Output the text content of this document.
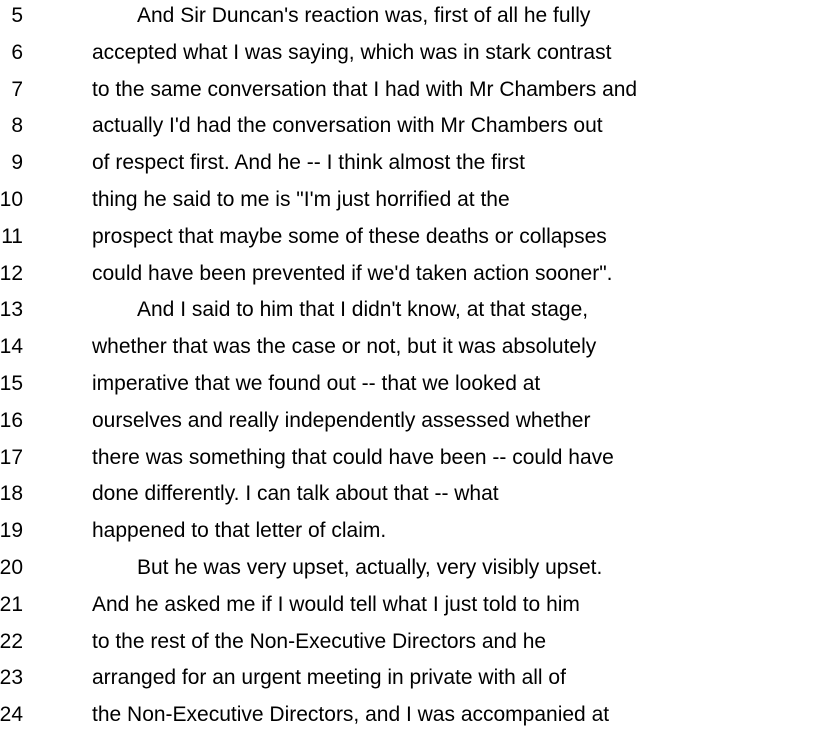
5	And Sir Duncan's reaction was, first of all he fully
6	accepted what I was saying, which was in stark contrast
7	to the same conversation that I had with Mr Chambers and
8	actually I'd had the conversation with Mr Chambers out
9	of respect first. And he -- I think almost the first
10	thing he said to me is "I'm just horrified at the
11	prospect that maybe some of these deaths or collapses
12	could have been prevented if we'd taken action sooner".
13	And I said to him that I didn't know, at that stage,
14	whether that was the case or not, but it was absolutely
15	imperative that we found out -- that we looked at
16	ourselves and really independently assessed whether
17	there was something that could have been -- could have
18	done differently. I can talk about that -- what
19	happened to that letter of claim.
20	But he was very upset, actually, very visibly upset.
21	And he asked me if I would tell what I just told to him
22	to the rest of the Non-Executive Directors and he
23	arranged for an urgent meeting in private with all of
24	the Non-Executive Directors, and I was accompanied at
